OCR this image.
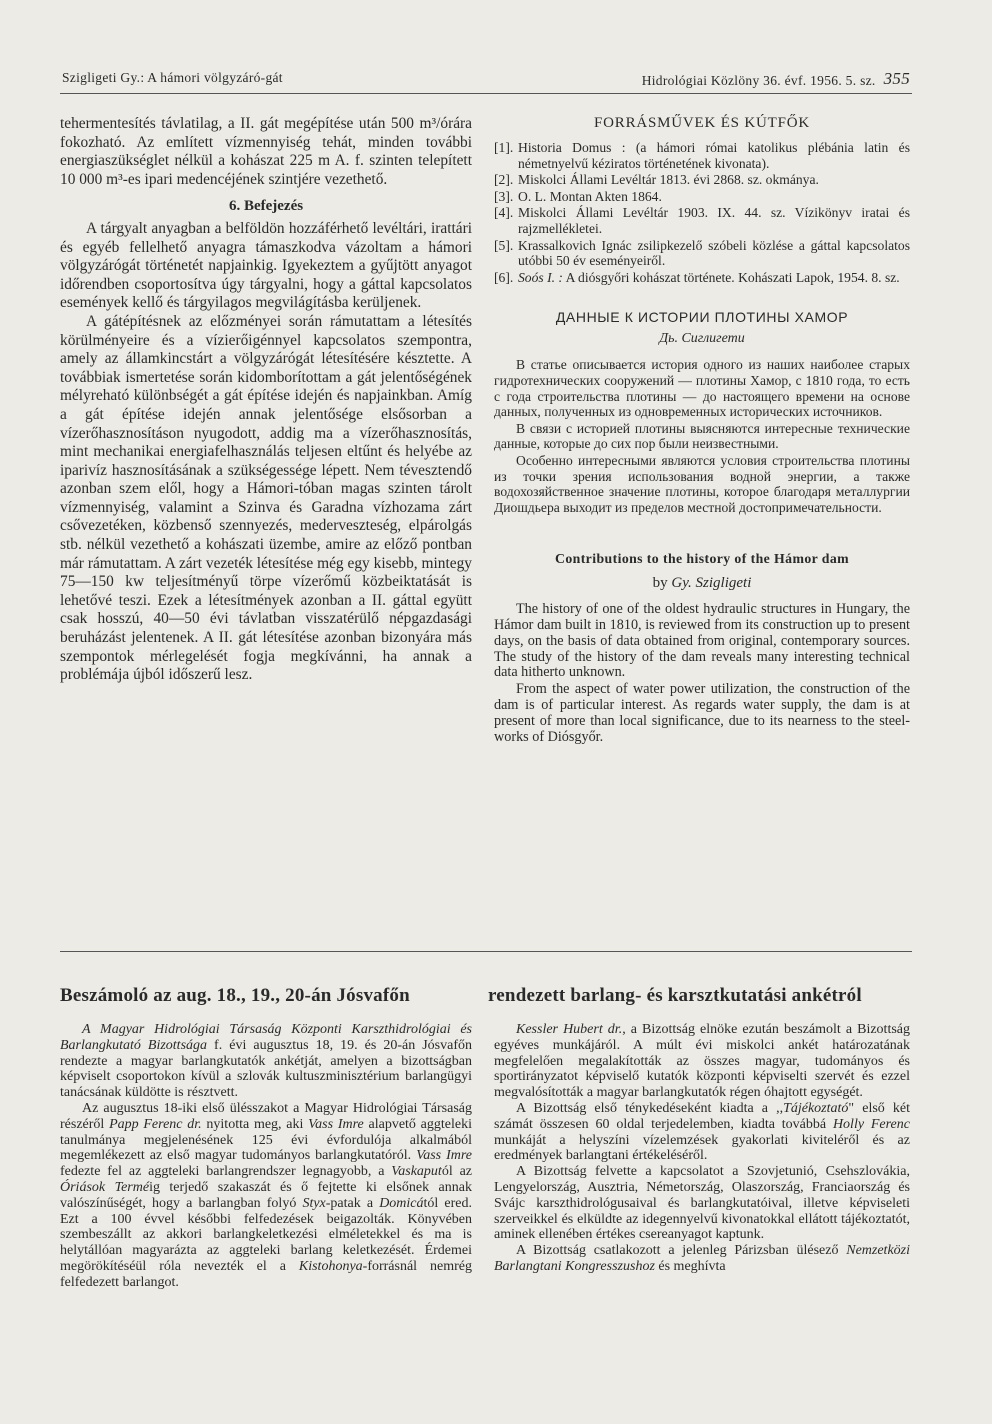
Szigligeti Gy.: A hámori völgyzáró-gát	Hidrológiai Közlöny 36. évf. 1956. 5. sz. 355

tehermentesítés távlatilag, a II. gát megépítése után 500 m³/órára fokozható. Az említett vízmennyiség tehát, minden további energiaszükséglet nélkül a kohászat 225 m A. f. szinten telepített 10 000 m³-es ipari medencéjének szintjére vezethető.

6. Befejezés

A tárgyalt anyagban a belföldön hozzáférhető levéltári, irattári és egyéb fellelhető anyagra támaszkodva vázoltam a hámori völgyzárógát történetét napjainkig. Igyekeztem a gyűjtött anyagot időrendben csoportosítva úgy tárgyalni, hogy a gáttal kapcsolatos események kellő és tárgyilagos megvilágításba kerüljenek.

A gátépítésnek az előzményei során rámutattam a létesítés körülményeire és a vízierőigénnyel kapcsolatos szempontra, amely az államkincstárt a völgyzárógát létesítésére késztette. A továbbiak ismertetése során kidomborítottam a gát jelentőségének mélyreható különbségét a gát építése idején és napjainkban. Amíg a gát építése idején annak jelentősége elsősorban a vízerőhasznosításon nyugodott, addig ma a vízerőhasznosítás, mint mechanikai energiafelhasználás teljesen eltűnt és helyébe az iparivíz hasznosításának a szükségessége lépett. Nem tévesztendő azonban szem elől, hogy a Hámori-tóban magas szinten tárolt vízmennyiség, valamint a Szinva és Garadna vízhozama zárt csővezetéken, közbenső szennyezés, mederveszteség, elpárolgás stb. nélkül vezethető a kohászati üzembe, amire az előző pontban már rámutattam. A zárt vezeték létesítése még egy kisebb, mintegy 75—150 kw teljesítményű törpe vízerőmű közbeiktatását is lehetővé teszi. Ezek a létesítmények azonban a II. gáttal együtt csak hosszú, 40—50 évi távlatban visszatérülő népgazdasági beruházást jelentenek. A II. gát létesítése azonban bizonyára más szempontok mérlegelését fogja megkívánni, ha annak a problémája újból időszerű lesz.

FORRÁSMŰVEK ÉS KÚTFŐK
[1]. Historia Domus : (a hámori római katolikus plébánia latin és németnyelvű kéziratos történetének kivonata).
[2]. Miskolci Állami Levéltár 1813. évi 2868. sz. okmánya.
[3]. O. L. Montan Akten 1864.
[4]. Miskolci Állami Levéltár 1903. IX. 44. sz. Vízikönyv iratai és rajzmellékletei.
[5]. Krassalkovich Ignác zsilipkezelő szóbeli közlése a gáttal kapcsolatos utóbbi 50 év eseményeiről.
[6]. Soós I. : A diósgyőri kohászat története. Kohászati Lapok, 1954. 8. sz.
ДАННЫЕ К ИСТОРИИ ПЛОТИНЫ ХАМОР
Дь. Сиглигети

В статье описывается история одного из наших наиболее старых гидротехнических сооружений — плотины Хамор, с 1810 года, то есть с года строительства плотины — до настоящего времени на основе данных, полученных из одновременных исторических источников.

В связи с историей плотины выясняются интересные технические данные, которые до сих пор были неизвестными.

Особенно интересными являются условия строительства плотины из точки зрения использования водной энергии, а также водохозяйственное значение плотины, которое благодаря металлургии Диошдьера выходит из пределов местной достопримечательности.

Contributions to the history of the Hámor dam
by Gy. Szigligeti

The history of one of the oldest hydraulic structures in Hungary, the Hámor dam built in 1810, is reviewed from its construction up to present days, on the basis of data obtained from original, contemporary sources. The study of the history of the dam reveals many interesting technical data hitherto unknown.

From the aspect of water power utilization, the construction of the dam is of particular interest. As regards water supply, the dam is at present of more than local significance, due to its nearness to the steel-works of Diósgyőr.

Beszámoló az aug. 18., 19., 20-án Jósvafőn	rendezett barlang- és karsztkutatási ankétról

A Magyar Hidrológiai Társaság Központi Karszthidrológiai és Barlangkutató Bizottsága f. évi augusztus 18, 19. és 20-án Jósvafőn rendezte a magyar barlangkutatók ankétját, amelyen a bizottságban képviselt csoportokon kívül a szlovák kultuszminisztérium barlangügyi tanácsának küldötte is résztvett.

Az augusztus 18-iki első ülésszakot a Magyar Hidrológiai Társaság részéről Papp Ferenc dr. nyitotta meg, aki Vass Imre alapvető aggteleki tanulmánya megjelenésének 125 évi évfordulója alkalmából megemlékezett az első magyar tudományos barlangkutatóról. Vass Imre fedezte fel az aggteleki barlangrendszer legnagyobb, a Vaskaputól az Óriások Terméig terjedő szakaszát és ő fejtette ki elsőnek annak valószínűségét, hogy a barlangban folyó Styx-patak a Domicától ered. Ezt a 100 évvel későbbi felfedezések beigazolták. Könyvében szembeszállt az akkori barlangkeletkezési elméletekkel és ma is helytállóan magyarázta az aggteleki barlang keletkezését. Érdemei megörökítéséül róla nevezték el a Kistohonya-forrásnál nemrég felfedezett barlangot.

Kessler Hubert dr., a Bizottság elnöke ezután beszámolt a Bizottság egyéves munkájáról. A múlt évi miskolci ankét határozatának megfelelően megalakították az összes magyar, tudományos és sportirányzatot képviselő kutatók központi képviselti szervét és ezzel megvalósították a magyar barlangkutatók régen óhajtott egységét.

A Bizottság első ténykedéseként kiadta a ,,Tájékoztató" első két számát összesen 60 oldal terjedelemben, kiadta továbbá Holly Ferenc munkáját a helyszíni vízelemzések gyakorlati kiviteléről és az eredmények barlangtani értékeléséről.

A Bizottság felvette a kapcsolatot a Szovjetunió, Csehszlovákia, Lengyelország, Ausztria, Németország, Olaszország, Franciaország és Svájc karszthidrológusaival és barlangkutatóival, illetve képviseleti szerveikkel és elküldte az idegennyelvű kivonatokkal ellátott tájékoztatót, aminek ellenében értékes csereanyagot kaptunk.

A Bizottság csatlakozott a jelenleg Párizsban ülésező Nemzetközi Barlangtani Kongresszushoz és meghívta
